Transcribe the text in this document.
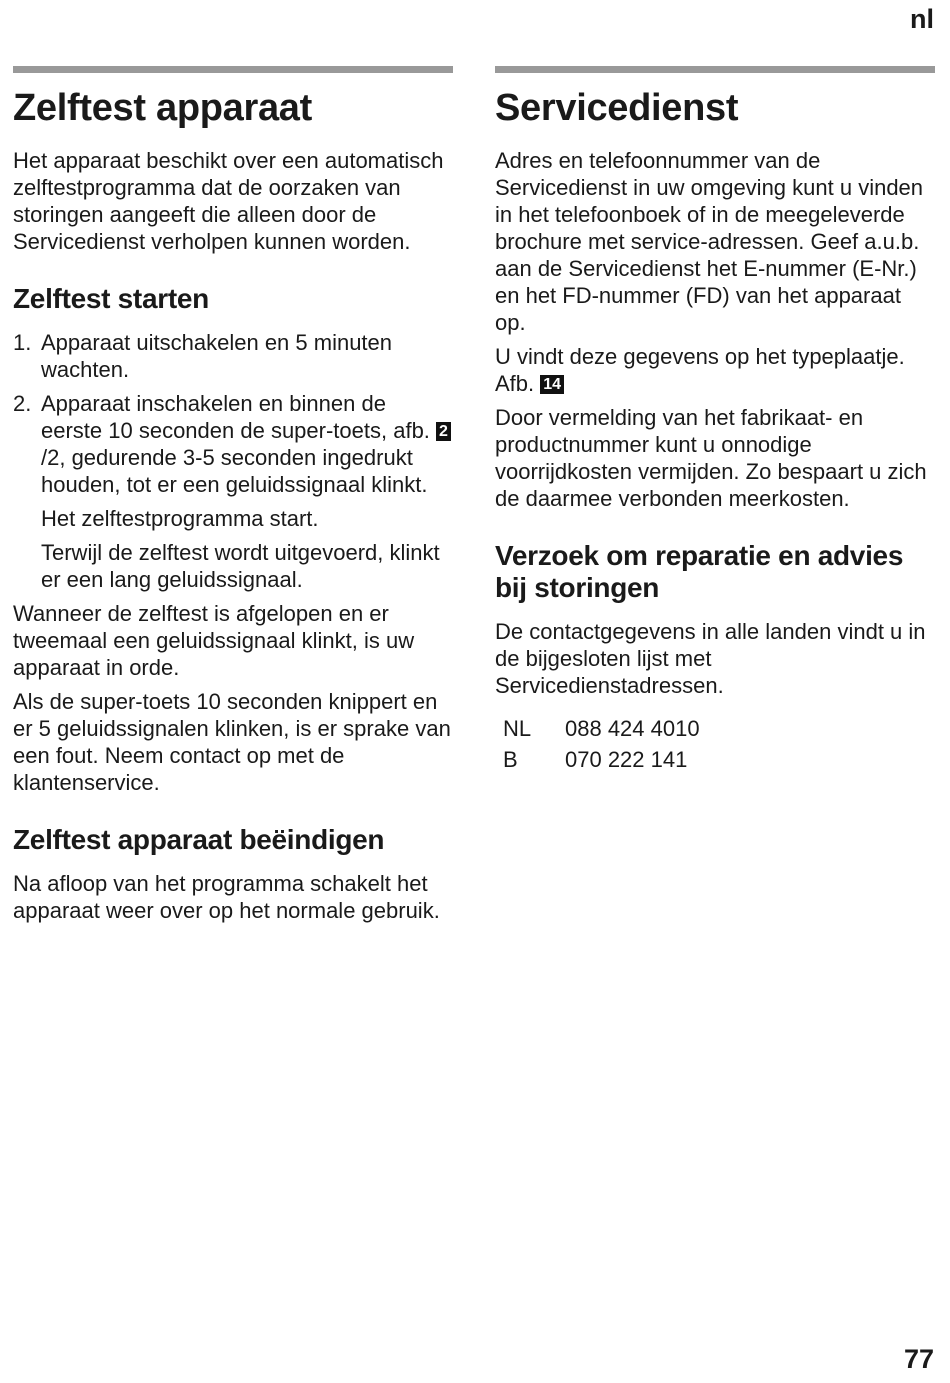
nl
Zelftest apparaat

Het apparaat beschikt over een automatisch zelftestprogramma dat de oorzaken van storingen aangeeft die alleen door de Servicedienst verholpen kunnen worden.

Zelftest starten
1. Apparaat uitschakelen en 5 minuten wachten.
2. Apparaat inschakelen en binnen de eerste 10 seconden de super-toets, afb. 2/2, gedurende 3-5 seconden ingedrukt houden, tot er een geluidssignaal klinkt.

Het zelftestprogramma start.

Terwijl de zelftest wordt uitgevoerd, klinkt er een lang geluidssignaal.

Wanneer de zelftest is afgelopen en er tweemaal een geluidssignaal klinkt, is uw apparaat in orde.

Als de super-toets 10 seconden knippert en er 5 geluidssignalen klinken, is er sprake van een fout. Neem contact op met de klantenservice.

Zelftest apparaat beëindigen

Na afloop van het programma schakelt het apparaat weer over op het normale gebruik.

Servicedienst

Adres en telefoonnummer van de Servicedienst in uw omgeving kunt u vinden in het telefoonboek of in de meegeleverde brochure met service-adressen. Geef a.u.b. aan de Servicedienst het E-nummer (E-Nr.) en het FD-nummer (FD) van het apparaat op.

U vindt deze gegevens op het typeplaatje. Afb. 14

Door vermelding van het fabrikaat- en productnummer kunt u onnodige voorrijdkosten vermijden. Zo bespaart u zich de daarmee verbonden meerkosten.

Verzoek om reparatie en advies bij storingen

De contactgegevens in alle landen vindt u in de bijgesloten lijst met Servicedienstadressen.

NL	088 424 4010
B	070 222 141
77
